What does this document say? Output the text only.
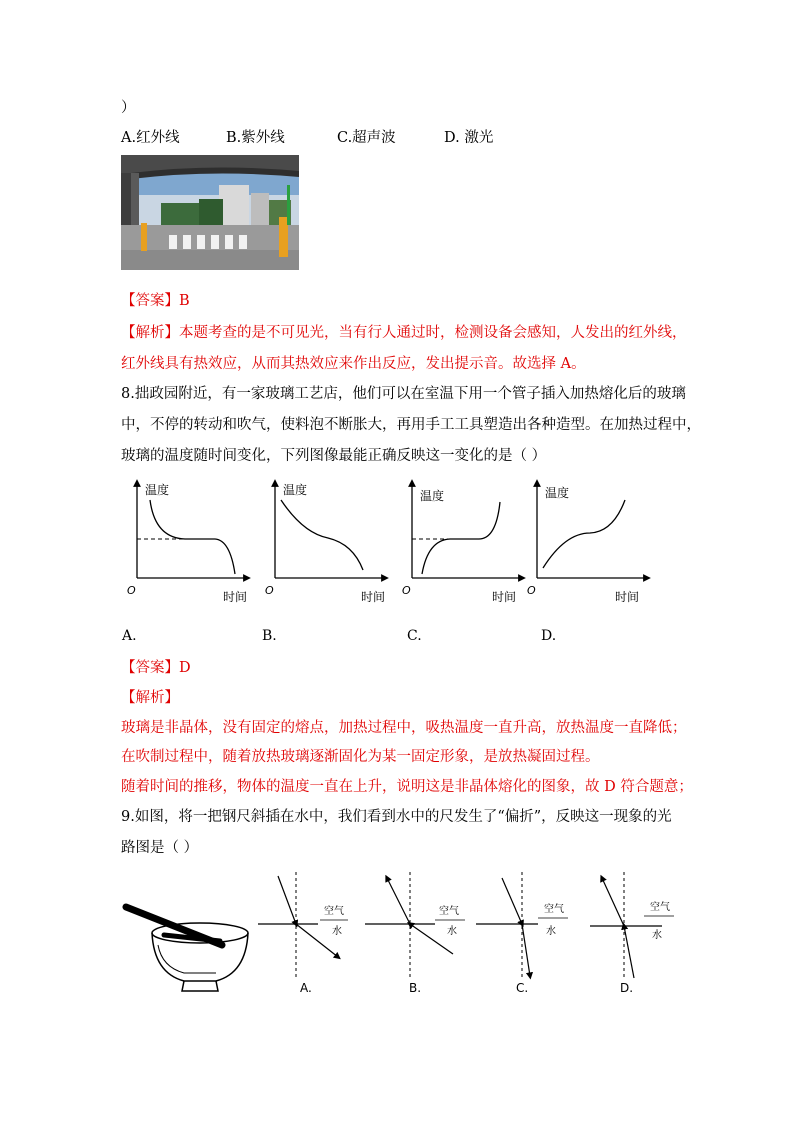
）
A.红外线	B.紫外线	C.超声波	D. 激光
【答案】B
【解析】本题考查的是不可见光，当有行人通过时，检测设备会感知，人发出的红外线，
红外线具有热效应，从而其热效应来作出反应，发出提示音。故选择 A。
8.拙政园附近，有一家玻璃工艺店，他们可以在室温下用一个管子插入加热熔化后的玻璃
中，不停的转动和吹气，使料泡不断胀大，再用手工工具塑造出各种造型。在加热过程中，
玻璃的温度随时间变化，下列图像最能正确反映这一变化的是（ ）
温度
时间
O
温度
时间
O
温度
时间
O
温度
时间
O
A.	B.	C.	D.
【答案】D
【解析】
玻璃是非晶体，没有固定的熔点，加热过程中，吸热温度一直升高，放热温度一直降低；
在吹制过程中，随着放热玻璃逐渐固化为某一固定形象，是放热凝固过程。
随着时间的推移，物体的温度一直在上升，说明这是非晶体熔化的图象，故 D 符合题意；
9.如图，将一把钢尺斜插在水中，我们看到水中的尺发生了“偏折”，反映这一现象的光
路图是（ ）
空气
水
A.
空气
水
B.
空气
水
C.
空气
水
D.
